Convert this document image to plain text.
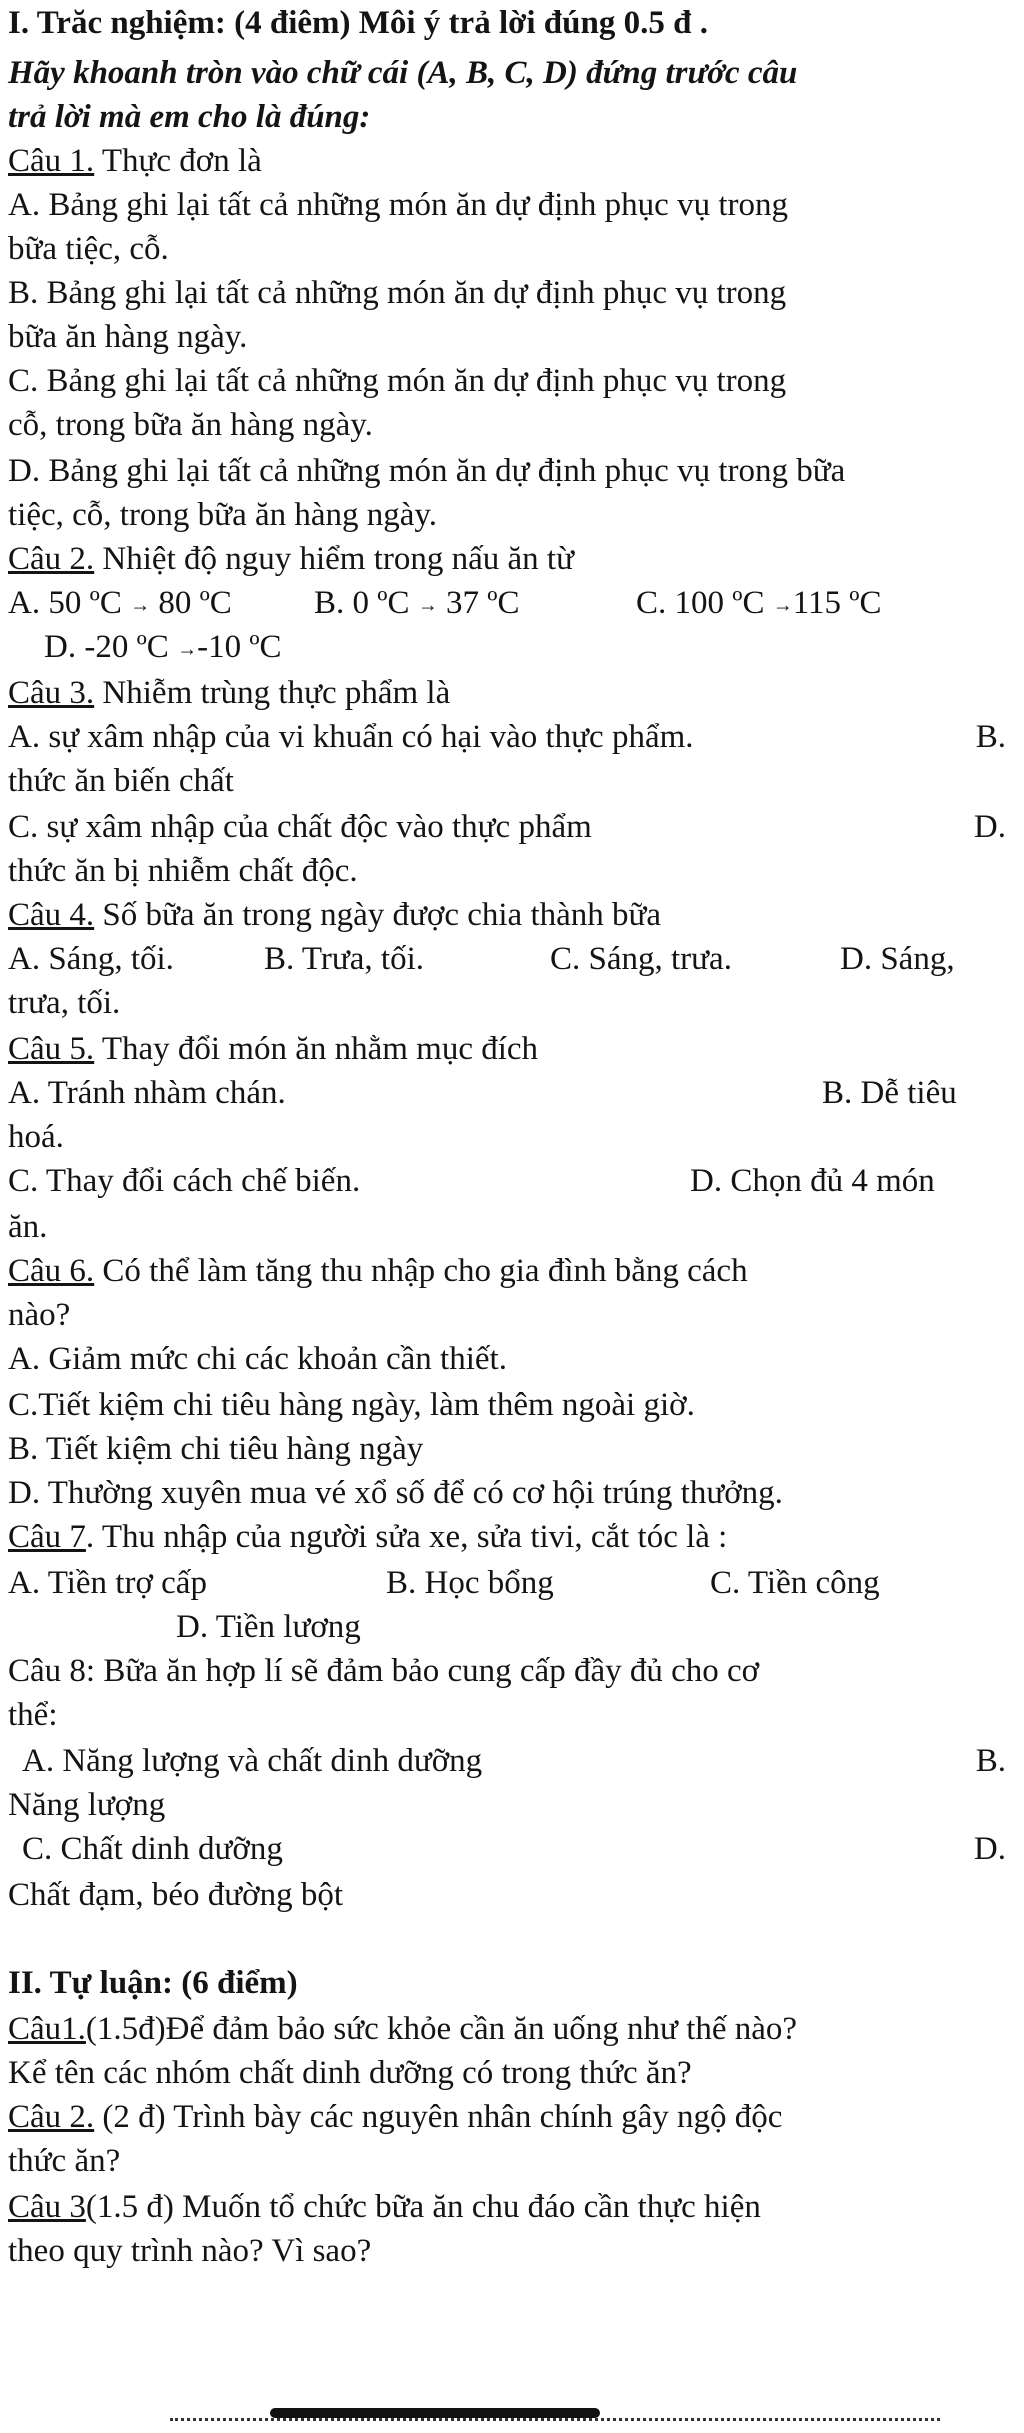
I. Trăc nghiệm: (4 điêm) Môi ý trả lời đúng 0.5 đ .
Hãy khoanh tròn vào chữ cái (A, B, C, D) đứng trước câu
trả lời mà em cho là đúng:
Câu 1. Thực đơn là
A. Bảng ghi lại tất cả những món ăn dự định phục vụ trong
bữa tiệc, cỗ.
B. Bảng ghi lại tất cả những món ăn dự định phục vụ trong
bữa ăn hàng ngày.
C. Bảng ghi lại tất cả những món ăn dự định phục vụ trong
cỗ, trong bữa ăn hàng ngày.
D. Bảng ghi lại tất cả những món ăn dự định phục vụ trong bữa
tiệc, cỗ, trong bữa ăn hàng ngày.
Câu 2. Nhiệt độ nguy hiểm trong nấu ăn từ
A. 50 ºC → 80 ºC B. 0 ºC → 37 ºC	C. 100 ºC →115 ºC
D. -20 ºC →-10 ºC
Câu 3. Nhiễm trùng thực phẩm là
A. sự xâm nhập của vi khuẩn có hại vào thực phẩm.	B.
thức ăn biến chất
C. sự xâm nhập của chất độc vào thực phẩm	D.
thức ăn bị nhiễm chất độc.
Câu 4. Số bữa ăn trong ngày được chia thành bữa
A. Sáng, tối.	B. Trưa, tối.	C. Sáng, trưa.	D. Sáng,
trưa, tối.
Câu 5. Thay đổi món ăn nhằm mục đích
A. Tránh nhàm chán.	B. Dễ tiêu
hoá.
C. Thay đổi cách chế biến.	D. Chọn đủ 4 món
ăn.
Câu 6. Có thể làm tăng thu nhập cho gia đình bằng cách
nào?
A. Giảm mức chi các khoản cần thiết.
C.Tiết kiệm chi tiêu hàng ngày, làm thêm ngoài giờ.
B. Tiết kiệm chi tiêu hàng ngày
D. Thường xuyên mua vé xổ số để có cơ hội trúng thưởng.
Câu 7. Thu nhập của người sửa xe, sửa tivi, cắt tóc là :
A. Tiền trợ cấp	B. Học bổng	C. Tiền công
D. Tiền lương
Câu 8: Bữa ăn hợp lí sẽ đảm bảo cung cấp đầy đủ cho cơ
thể:
A. Năng lượng và chất dinh dưỡng	B.
Năng lượng
C. Chất dinh dưỡng	D.
Chất đạm, béo đường bột
II. Tự luận: (6 điểm)
Câu1.(1.5đ)Để đảm bảo sức khỏe cần ăn uống như thế nào?
Kể tên các nhóm chất dinh dưỡng có trong thức ăn?
Câu 2. (2 đ) Trình bày các nguyên nhân chính gây ngộ độc
thức ăn?
Câu 3(1.5 đ) Muốn tổ chức bữa ăn chu đáo cần thực hiện
theo quy trình nào? Vì sao?
